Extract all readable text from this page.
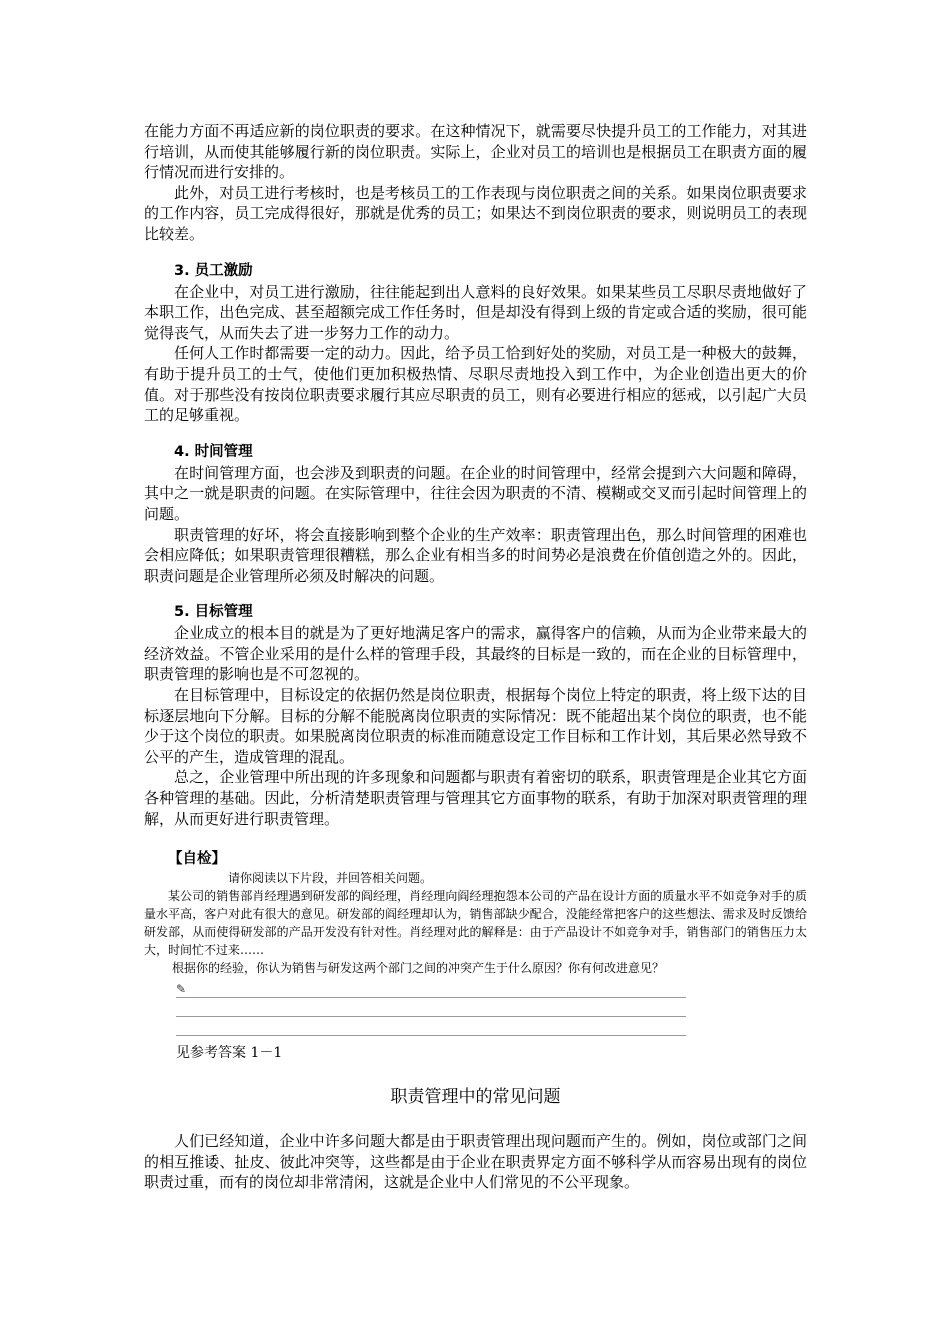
在能力方面不再适应新的岗位职责的要求。在这种情况下，就需要尽快提升员工的工作能力，对其进行培训，从而使其能够履行新的岗位职责。实际上，企业对员工的培训也是根据员工在职责方面的履行情况而进行安排的。

此外，对员工进行考核时，也是考核员工的工作表现与岗位职责之间的关系。如果岗位职责要求的工作内容，员工完成得很好，那就是优秀的员工；如果达不到岗位职责的要求，则说明员工的表现比较差。

3. 员工激励

在企业中，对员工进行激励，往往能起到出人意料的良好效果。如果某些员工尽职尽责地做好了本职工作，出色完成、甚至超额完成工作任务时，但是却没有得到上级的肯定或合适的奖励，很可能觉得丧气，从而失去了进一步努力工作的动力。

任何人工作时都需要一定的动力。因此，给予员工恰到好处的奖励，对员工是一种极大的鼓舞，有助于提升员工的士气，使他们更加积极热情、尽职尽责地投入到工作中，为企业创造出更大的价值。对于那些没有按岗位职责要求履行其应尽职责的员工，则有必要进行相应的惩戒，以引起广大员工的足够重视。

4. 时间管理

在时间管理方面，也会涉及到职责的问题。在企业的时间管理中，经常会提到六大问题和障碍，其中之一就是职责的问题。在实际管理中，往往会因为职责的不清、模糊或交叉而引起时间管理上的问题。

职责管理的好坏，将会直接影响到整个企业的生产效率：职责管理出色，那么时间管理的困难也会相应降低；如果职责管理很糟糕，那么企业有相当多的时间势必是浪费在价值创造之外的。因此，职责问题是企业管理所必须及时解决的问题。

5. 目标管理

企业成立的根本目的就是为了更好地满足客户的需求，赢得客户的信赖，从而为企业带来最大的经济效益。不管企业采用的是什么样的管理手段，其最终的目标是一致的，而在企业的目标管理中，职责管理的影响也是不可忽视的。

在目标管理中，目标设定的依据仍然是岗位职责，根据每个岗位上特定的职责，将上级下达的目标逐层地向下分解。目标的分解不能脱离岗位职责的实际情况：既不能超出某个岗位的职责，也不能少于这个岗位的职责。如果脱离岗位职责的标准而随意设定工作目标和工作计划，其后果必然导致不公平的产生，造成管理的混乱。

总之，企业管理中所出现的许多现象和问题都与职责有着密切的联系，职责管理是企业其它方面各种管理的基础。因此，分析清楚职责管理与管理其它方面事物的联系，有助于加深对职责管理的理解，从而更好进行职责管理。

【自检】

请你阅读以下片段，并回答相关问题。

某公司的销售部肖经理遇到研发部的阎经理，肖经理向阎经理抱怨本公司的产品在设计方面的质量水平不如竞争对手的质量水平高，客户对此有很大的意见。研发部的阎经理却认为，销售部缺少配合，没能经常把客户的这些想法、需求及时反馈给研发部，从而使得研发部的产品开发没有针对性。肖经理对此的解释是：由于产品设计不如竞争对手，销售部门的销售压力太大，时间忙不过来……

根据你的经验，你认为销售与研发这两个部门之间的冲突产生于什么原因？你有何改进意见？

✎
见参考答案 1－1
职责管理中的常见问题

人们已经知道，企业中许多问题大都是由于职责管理出现问题而产生的。例如，岗位或部门之间的相互推诿、扯皮、彼此冲突等，这些都是由于企业在职责界定方面不够科学从而容易出现有的岗位职责过重，而有的岗位却非常清闲，这就是企业中人们常见的不公平现象。
